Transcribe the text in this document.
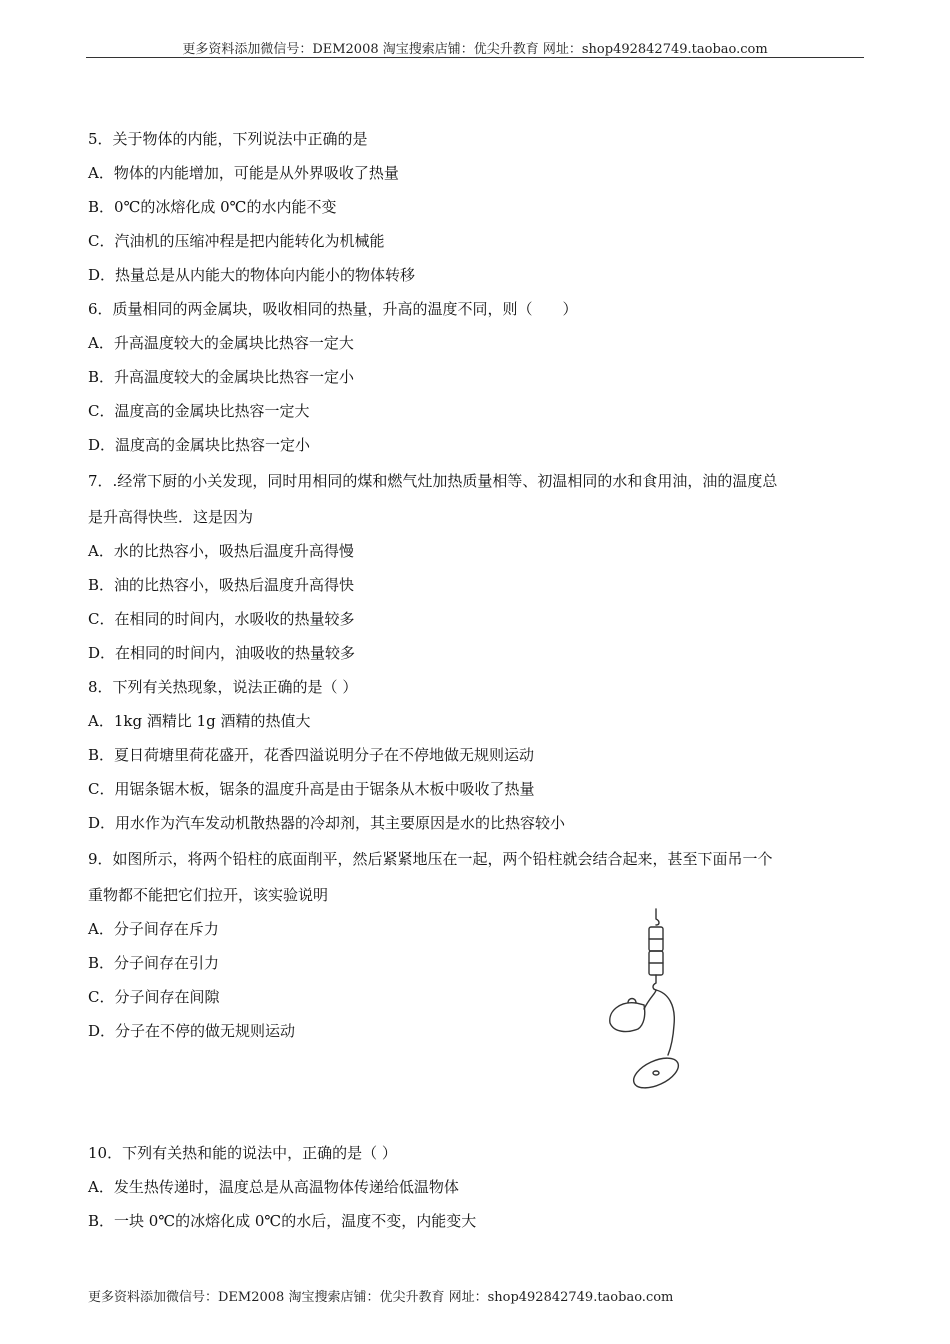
更多资料添加微信号：DEM2008 淘宝搜索店铺：优尖升教育 网址：shop492842749.taobao.com
5．关于物体的内能，下列说法中正确的是
A．物体的内能增加，可能是从外界吸收了热量
B．0℃的冰熔化成 0℃的水内能不变
C．汽油机的压缩冲程是把内能转化为机械能
D．热量总是从内能大的物体向内能小的物体转移
6．质量相同的两金属块，吸收相同的热量，升高的温度不同，则（　　）
A．升高温度较大的金属块比热容一定大
B．升高温度较大的金属块比热容一定小
C．温度高的金属块比热容一定大
D．温度高的金属块比热容一定小
7．.经常下厨的小关发现，同时用相同的煤和燃气灶加热质量相等、初温相同的水和食用油，油的温度总
是升高得快些．这是因为
A．水的比热容小，吸热后温度升高得慢
B．油的比热容小，吸热后温度升高得快
C．在相同的时间内，水吸收的热量较多
D．在相同的时间内，油吸收的热量较多
8．下列有关热现象，说法正确的是（ ）
A．1kg 酒精比 1g 酒精的热值大
B．夏日荷塘里荷花盛开，花香四溢说明分子在不停地做无规则运动
C．用锯条锯木板，锯条的温度升高是由于锯条从木板中吸收了热量
D．用水作为汽车发动机散热器的冷却剂，其主要原因是水的比热容较小
9．如图所示，将两个铅柱的底面削平，然后紧紧地压在一起，两个铅柱就会结合起来，甚至下面吊一个
重物都不能把它们拉开，该实验说明
A．分子间存在斥力
B．分子间存在引力
C．分子间存在间隙
D．分子在不停的做无规则运动
10．下列有关热和能的说法中，正确的是（ ）
A．发生热传递时，温度总是从高温物体传递给低温物体
B．一块 0℃的冰熔化成 0℃的水后，温度不变，内能变大
更多资料添加微信号：DEM2008 淘宝搜索店铺：优尖升教育 网址：shop492842749.taobao.com
